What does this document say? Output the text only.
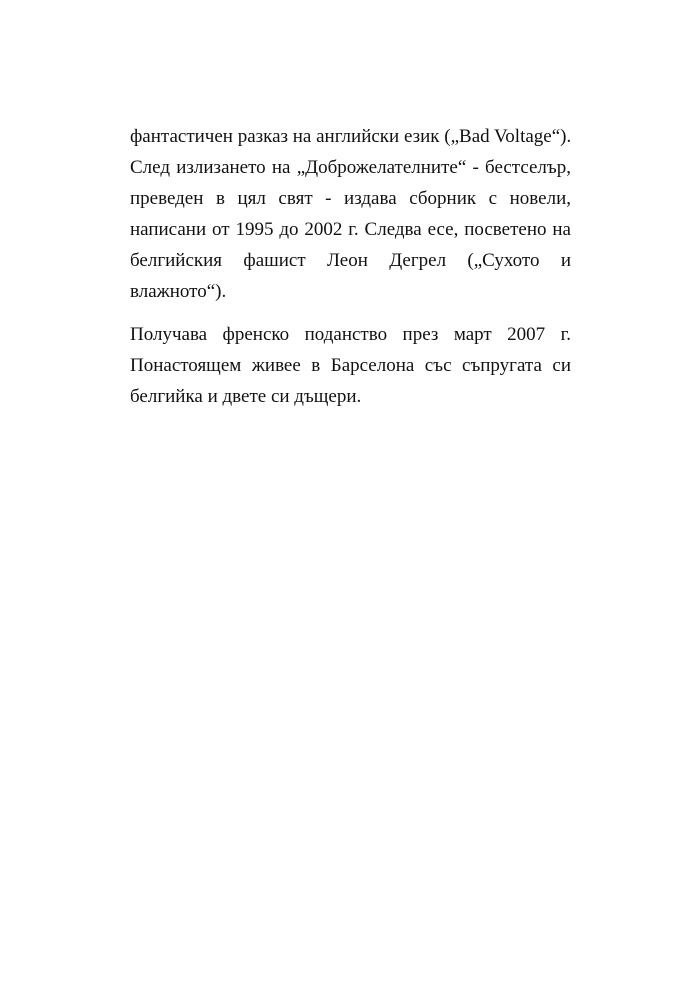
фантастичен разказ на английски език („Bad Voltage“).
След излизането на „Доброжелателните“ - бестселър,
преведен в цял свят - издава сборник с новели,
написани от 1995 до 2002 г. Следва есе, посветено на
белгийския фашист Леон Дегрел („Сухото и
влажното“).
Получава френско поданство през март 2007 г.
Понастоящем живее в Барселона със съпругата си
белгийка и двете си дъщери.
